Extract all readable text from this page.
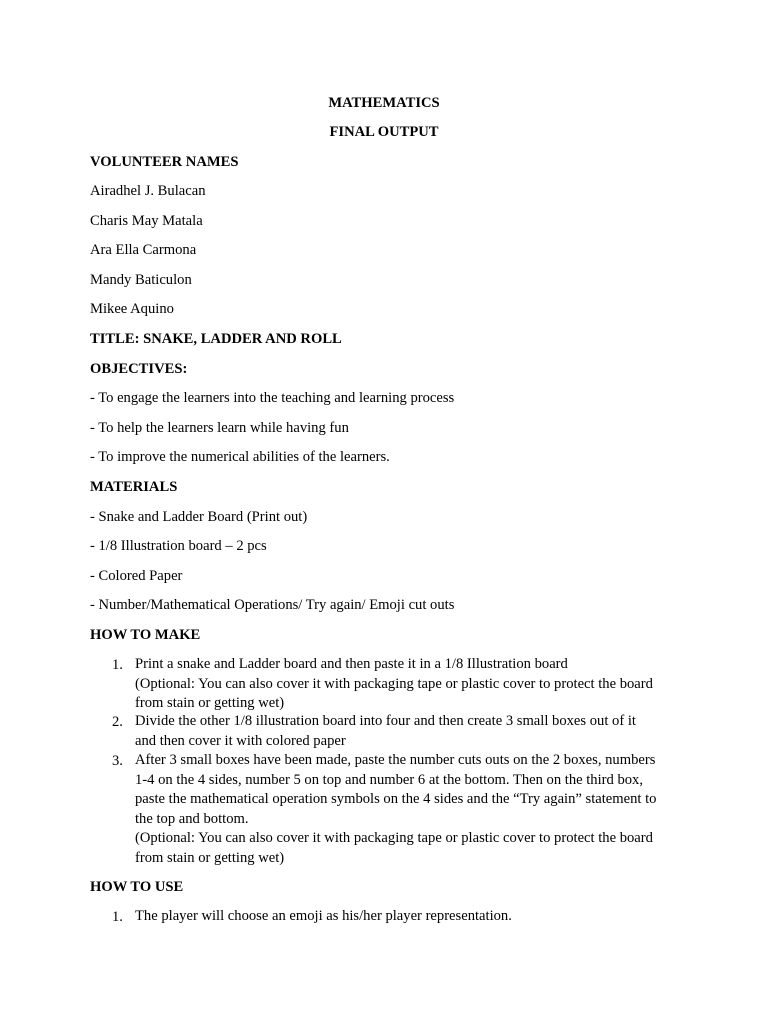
MATHEMATICS
FINAL OUTPUT
VOLUNTEER NAMES
Airadhel J. Bulacan
Charis May Matala
Ara Ella Carmona
Mandy Baticulon
Mikee Aquino
TITLE: SNAKE, LADDER AND ROLL
OBJECTIVES:
- To engage the learners into the teaching and learning process
- To help the learners learn while having fun
- To improve the numerical abilities of the learners.
MATERIALS
- Snake and Ladder Board (Print out)
- 1/8 Illustration board – 2 pcs
- Colored Paper
- Number/Mathematical Operations/ Try again/ Emoji cut outs
HOW TO MAKE
1. Print a snake and Ladder board and then paste it in a 1/8 Illustration board
(Optional: You can also cover it with packaging tape or plastic cover to protect the board
from stain or getting wet)
2. Divide the other 1/8 illustration board into four and then create 3 small boxes out of it
and then cover it with colored paper
3. After 3 small boxes have been made, paste the number cuts outs on the 2 boxes, numbers
1-4 on the 4 sides, number 5 on top and number 6 at the bottom. Then on the third box,
paste the mathematical operation symbols on the 4 sides and the “Try again” statement to
the top and bottom.
(Optional: You can also cover it with packaging tape or plastic cover to protect the board
from stain or getting wet)
HOW TO USE
1. The player will choose an emoji as his/her player representation.
